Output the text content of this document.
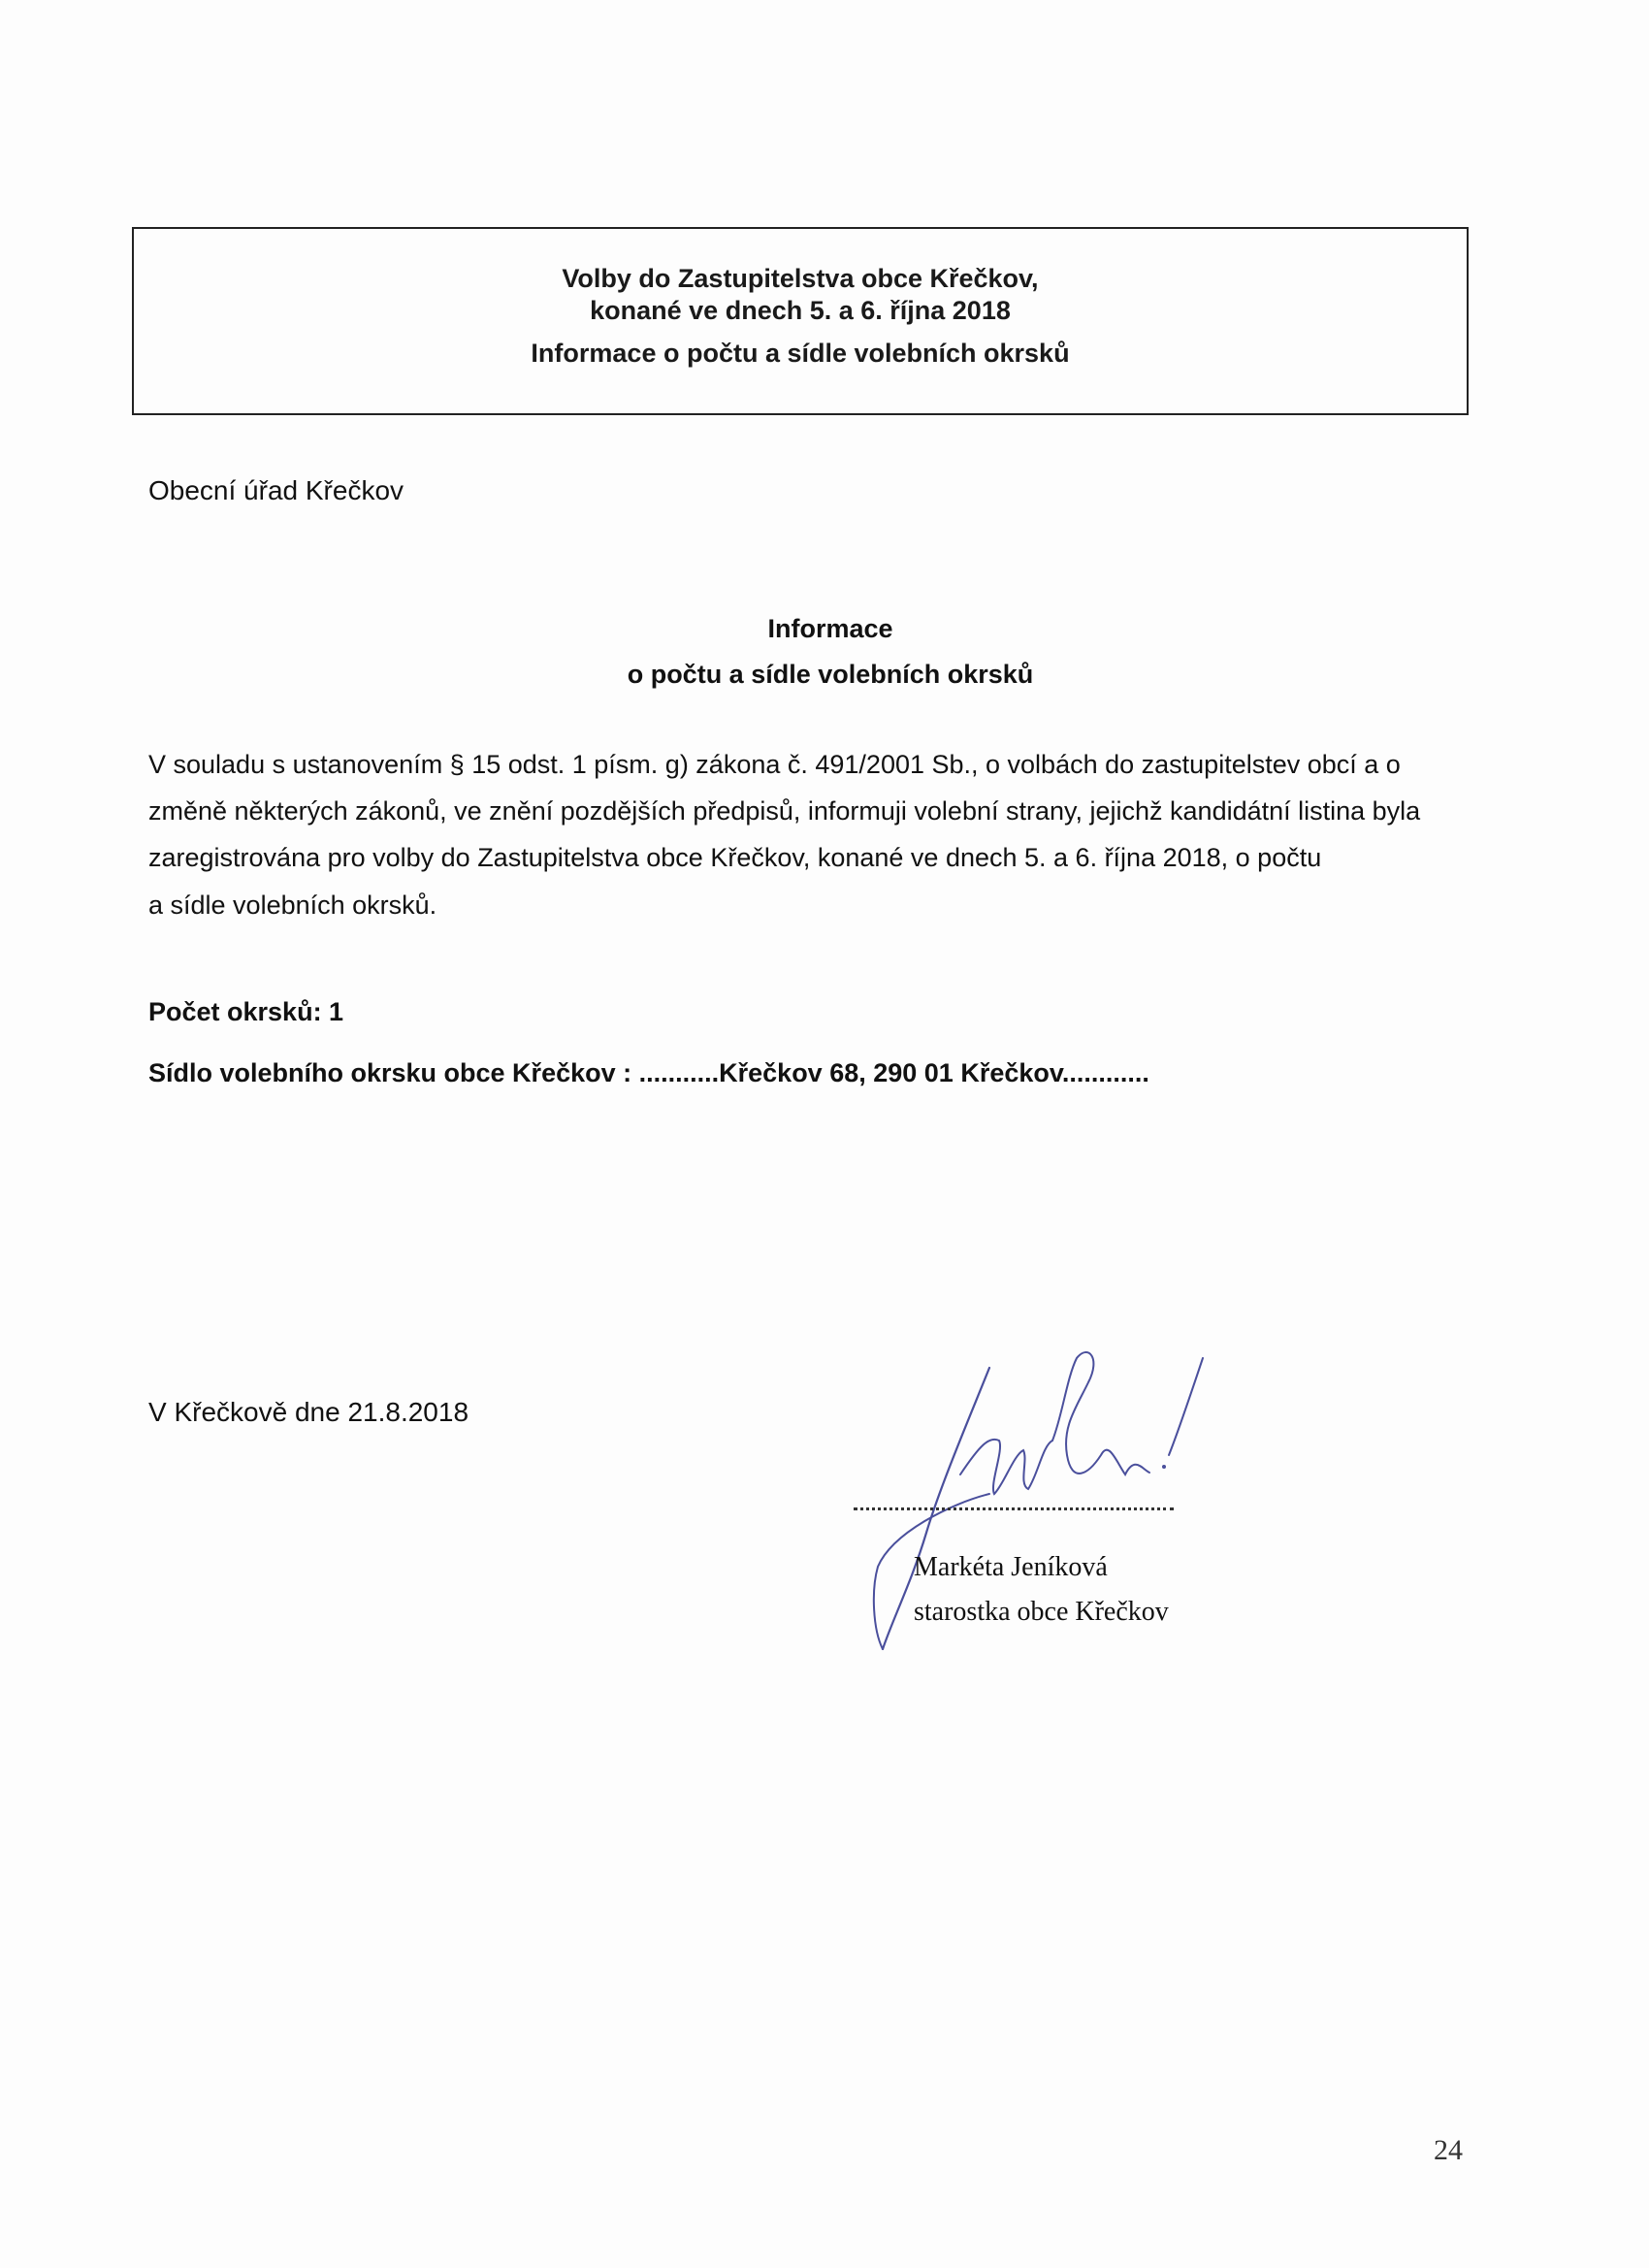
Volby do Zastupitelstva obce Křečkov,
konané ve dnech 5. a 6. října 2018
Informace o počtu a sídle volebních okrsků
Obecní úřad Křečkov
Informace
o počtu a sídle volebních okrsků
V souladu s ustanovením § 15 odst. 1 písm. g) zákona č. 491/2001 Sb., o volbách do zastupitelstev obcí a o
změně některých zákonů, ve znění pozdějších předpisů, informuji volební strany, jejichž kandidátní listina byla
zaregistrována pro volby do Zastupitelstva obce Křečkov, konané ve dnech 5. a 6. října 2018, o počtu
a sídle volebních okrsků.
Počet okrsků: 1
Sídlo volebního okrsku obce Křečkov : ...........Křečkov 68, 290 01 Křečkov............
V Křečkově dne 21.8.2018
Markéta Jeníková
starostka obce Křečkov
24
